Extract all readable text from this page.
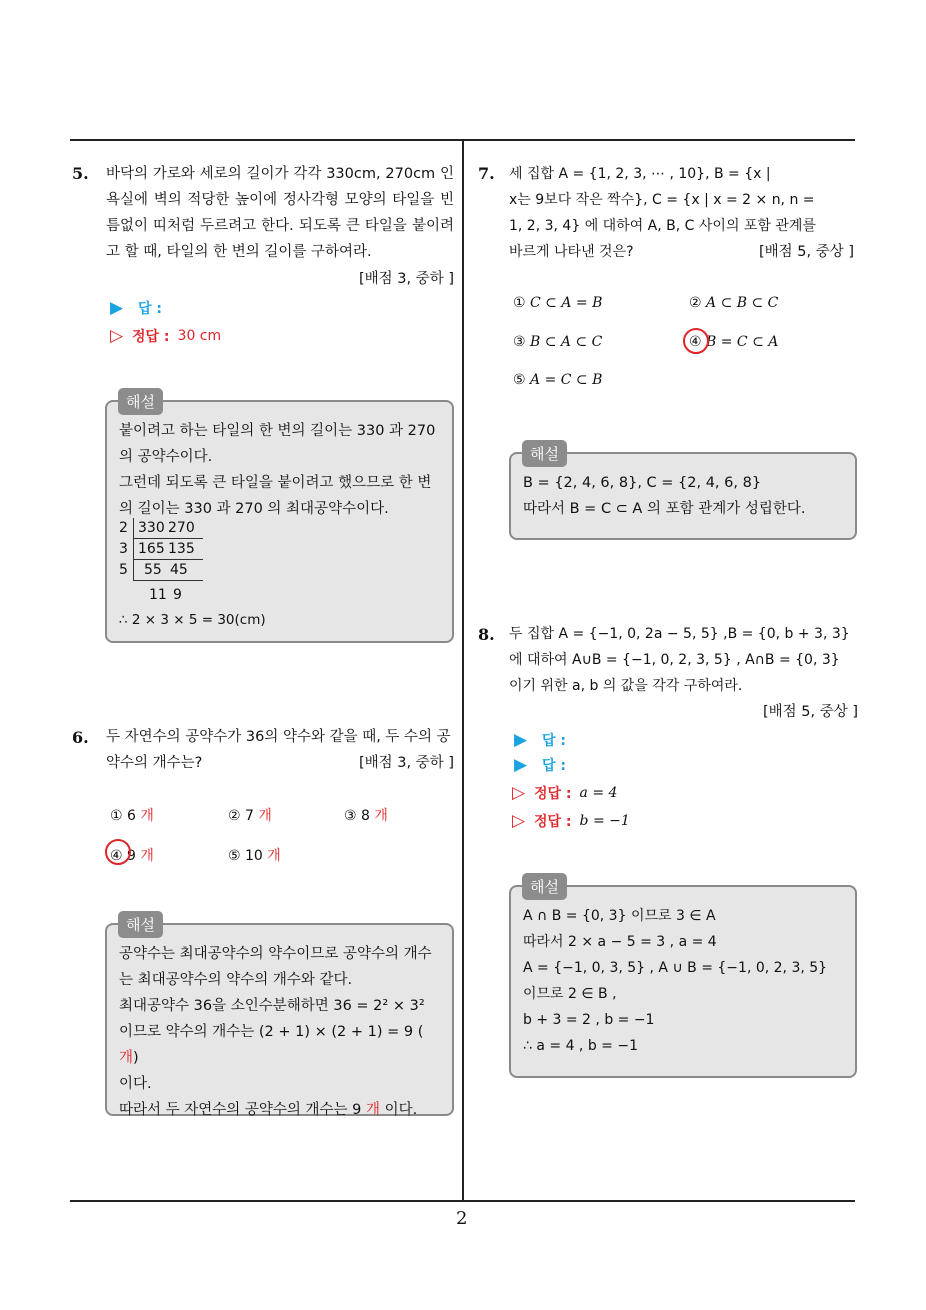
2
5. 바닥의 가로와 세로의 길이가 각각 330cm, 270cm 인 욕실에 벽의 적당한 높이에 정사각형 모양의 타일을 빈틈없이 띠처럼 두르려고 한다. 되도록 큰 타일을 붙이려고 할 때, 타일의 한 변의 길이를 구하여라.
[배점 3, 중하 ]
▶	답 :
▷ 정답 : 30 cm
붙이려고 하는 타일의 한 변의 길이는 330 과 270 의 공약수이다.
그런데 되도록 큰 타일을 붙이려고 했으므로 한 변의 길이는 330 과 270 의 최대공약수이다.
2 330 270
3 165 135
5	55 45
11 9
∴ 2 × 3 × 5 = 30(cm)
해설
6. 두 자연수의 공약수가 36의 약수와 같을 때, 두 수의 공약수의 개수는?	[배점 3, 중하 ]
① 6 개	② 7 개	③ 8 개
④ 9 개	⑤ 10 개
공약수는 최대공약수의 약수이므로 공약수의 개수는 최대공약수의 약수의 개수와 같다.
최대공약수 36을 소인수분해하면 36 = 2² × 3²
이므로 약수의 개수는 (2 + 1) × (2 + 1) = 9 ( 개)
이다.
따라서 두 자연수의 공약수의 개수는 9 개 이다.
해설
7. 세 집합 A = {1, 2, 3, ⋯ , 10}, B = {x |
x는 9보다 작은 짝수}, C = {x | x = 2 × n, n =
1, 2, 3, 4} 에 대하여 A, B, C 사이의 포함 관계를
바르게 나타낸 것은?	[배점 5, 중상 ]
① C ⊂ A = B	② A ⊂ B ⊂ C
③ B ⊂ A ⊂ C	④ B = C ⊂ A
⑤ A = C ⊂ B
B = {2, 4, 6, 8}, C = {2, 4, 6, 8}
따라서 B = C ⊂ A 의 포함 관계가 성립한다.
해설
8. 두 집합 A = {−1, 0, 2a − 5, 5} ,B = {0, b + 3, 3}
에 대하여 A∪B = {−1, 0, 2, 3, 5} , A∩B = {0, 3}
이기 위한 a, b 의 값을 각각 구하여라.
[배점 5, 중상 ]
▶	답 :
▶	답 :
▷ 정답 : a = 4
▷ 정답 : b = −1
A ∩ B = {0, 3} 이므로 3 ∈ A
따라서 2 × a − 5 = 3 , a = 4
A = {−1, 0, 3, 5} , A ∪ B = {−1, 0, 2, 3, 5}
이므로 2 ∈ B ,
b + 3 = 2 , b = −1
∴ a = 4 , b = −1
해설
